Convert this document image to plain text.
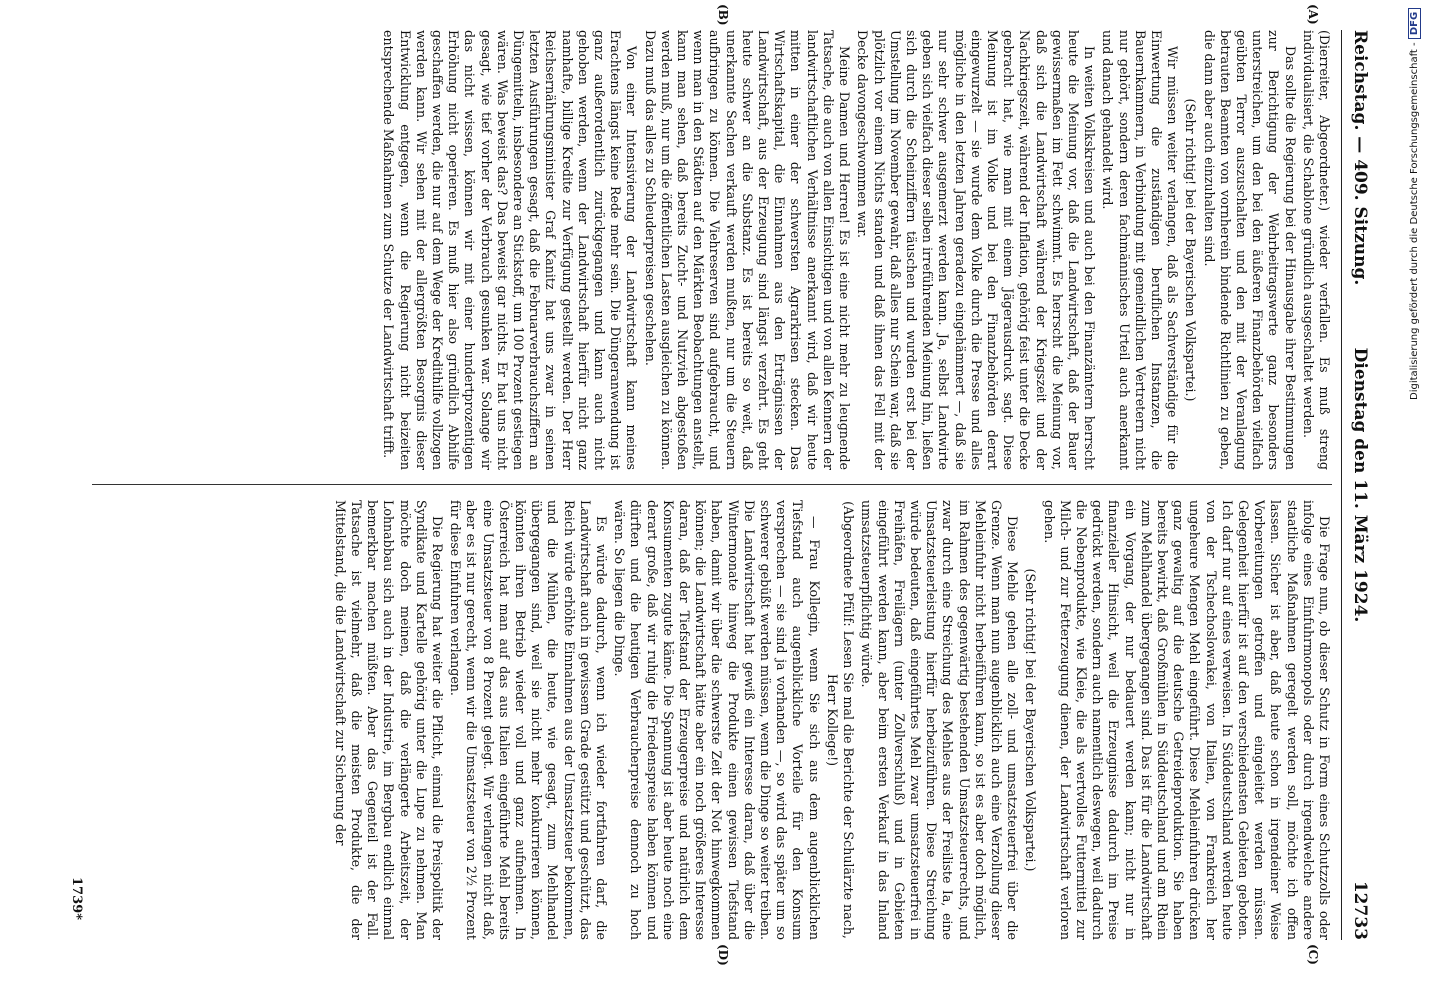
Reichstag. — 409. Sitzung.
Dienstag den 11. März 1924.
12733
(A)
(B)
(C)
(D)

(Dierreiter, Abgeordneter.) wieder verfallen. Es muß streng individualisiert, die Schablone gründlich ausgeschaltet werden.

Das sollte die Regierung bei der Hinausgabe ihrer Bestimmungen zur Berichtigung der Wehrbeitragswerte ganz besonders unterstreichen, um den bei den äußeren Finanzbehörden vielfach geübten Terror auszuschalten und den mit der Veranlagung betrauten Beamten von vornherein bindende Richtlinien zu geben, die dann aber auch einzuhalten sind.

(Sehr richtig! bei der Bayerischen Volkspartei.)

Wir müssen weiter verlangen, daß als Sachverständige für die Einwertung die zuständigen beruflichen Instanzen, die Bauernkammern, in Verbindung mit gemeindlichen Vertretern nicht nur gehört, sondern deren fachmännisches Urteil auch anerkannt und danach gehandelt wird.

In weiten Volkskreisen und auch bei den Finanzämtern herrscht heute die Meinung vor, daß die Landwirtschaft, daß der Bauer gewissermaßen im Fett schwimmt. Es herrscht die Meinung vor, daß sich die Landwirtschaft während der Kriegszeit und der Nachkriegszeit, während der Inflation, gehörig feist unter die Decke gebracht hat, wie man mit einem Jägerausdruck sagt. Diese Meinung ist im Volke und bei den Finanzbehörden derart eingewurzelt — sie wurde dem Volke durch die Presse und alles mögliche in den letzten Jahren geradezu eingehämmert —, daß sie nur sehr schwer ausgemerzt werden kann. Ja, selbst Landwirte geben sich vielfach dieser selben irreführenden Meinung hin, ließen sich durch die Scheinziffern täuschen und wurden erst bei der Umstellung im November gewahr, daß alles nur Schein war, daß sie plötzlich vor einem Nichts standen und daß ihnen das Fell mit der Decke davongeschwommen war.

Meine Damen und Herren! Es ist eine nicht mehr zu leugnende Tatsache, die auch von allen Einsichtigen und von allen Kennern der landwirtschaftlichen Verhältnisse anerkannt wird, daß wir heute mitten in einer der schwersten Agrarkrisen stecken. Das Wirtschaftskapital, die Einnahmen aus den Erträgnissen der Landwirtschaft, aus der Erzeugung sind längst verzehrt. Es geht heute schwer an die Substanz. Es ist bereits so weit, daß unerkannte Sachen verkauft werden mußten, nur um die Steuern aufbringen zu können. Die Viehreserven sind aufgebraucht, und wenn man in den Städten auf den Märkten Beobachtungen anstellt, kann man sehen, daß bereits Zucht- und Nutzvieh abgestoßen werden muß, nur um die öffentlichen Lasten ausgleichen zu können. Dazu muß das alles zu Schleuderpreisen geschehen.

Von einer Intensivierung der Landwirtschaft kann meines Erachtens längst keine Rede mehr sein. Die Düngeranwendung ist ganz außerordentlich zurückgegangen und kann auch nicht gehoben werden, wenn der Landwirtschaft hierfür nicht ganz namhafte, billige Kredite zur Verfügung gestellt werden. Der Herr Reichsernährungsminister Graf Kanitz hat uns zwar in seinen letzten Ausführungen gesagt, daß die Februarverbrauchsziffern an Düngemitteln, insbesondere an Stickstoff, um 100 Prozent gestiegen wären. Was beweist das? Das beweist gar nichts. Er hat uns nicht gesagt, wie tief vorher der Verbrauch gesunken war. Solange wir das nicht wissen, können wir mit einer hundertprozentigen Erhöhung nicht operieren. Es muß hier also gründlich Abhilfe geschaffen werden, die nur auf dem Wege der Kredithilfe vollzogen werden kann. Wir sehen mit der allergrößten Besorgnis dieser Entwicklung entgegen, wenn die Regierung nicht beizeiten entsprechende Maßnahmen zum Schutze der Landwirtschaft trifft.

Die Frage nun, ob dieser Schutz in Form eines Schutzzolls oder infolge eines Einfuhrmonopols oder durch irgendwelche andere staatliche Maßnahmen geregelt werden soll, möchte ich offen lassen. Sicher ist aber, daß heute schon in irgendeiner Weise Vorbereitungen getroffen und eingeleitet werden müssen. Gelegenheit hierfür ist auf den verschiedensten Gebieten geboten. Ich darf nur auf eines verweisen. In Süddeutschland werden heute von der Tschechoslowakei, von Italien, von Frankreich her ungeheure Mengen Mehl eingeführt. Diese Mehleinfuhren drücken ganz gewaltig auf die deutsche Getreideproduktion. Sie haben bereits bewirkt, daß Großmühlen in Süddeutschland und am Rhein zum Mehlhandel übergegangen sind. Das ist für die Landwirtschaft ein Vorgang, der nur bedauert werden kann; nicht nur in finanzieller Hinsicht, weil die Erzeugnisse dadurch im Preise gedrückt werden, sondern auch namentlich deswegen, weil dadurch die Nebenprodukte, wie Kleie, die als wertvolles Futtermittel zur Milch- und zur Fetterzeugung dienen, der Landwirtschaft verloren gehen.

(Sehr richtig! bei der Bayerischen Volkspartei.)

Diese Mehle gehen alle zoll- und umsatzsteuerfrei über die Grenze. Wenn man nun augenblicklich auch eine Verzollung dieser Mehleinfuhr nicht herbeiführen kann, so ist es aber doch möglich, im Rahmen des gegenwärtig bestehenden Umsatzsteuerrechts, und zwar durch eine Streichung des Mehles aus der Freiliste Ia, eine Umsatzsteuerleistung hierfür herbeizuführen. Diese Streichung würde bedeuten, daß eingeführtes Mehl zwar umsatzsteuerfrei in Freihäfen, Freilägern (unter Zollverschluß) und in Gebieten eingeführt werden kann, aber beim ersten Verkauf in das Inland umsatzsteuerpflichtig würde.

(Abgeordnete Pfülf: Lesen Sie mal die Berichte der Schulärzte nach, Herr Kollege!)

— Frau Kollegin, wenn Sie sich aus dem augenblicklichen Tiefstand auch augenblickliche Vorteile für den Konsum versprechen — sie sind ja vorhanden —, so wird das später um so schwerer gebüßt werden müssen, wenn die Dinge so weiter treiben. Die Landwirtschaft hat gewiß ein Interesse daran, daß über die Wintermonate hinweg die Produkte einen gewissen Tiefstand haben, damit wir über die schwerste Zeit der Not hinwegkommen können; die Landwirtschaft hätte aber ein noch größeres Interesse daran, daß der Tiefstand der Erzeugerpreise und natürlich dem Konsumenten zugute käme. Die Spannung ist aber heute noch eine derart große, daß wir ruhig die Friedenspreise haben können und dürften und die heutigen Verbraucherpreise dennoch zu hoch wären. So liegen die Dinge.

Es würde dadurch, wenn ich wieder fortfahren darf, die Landwirtschaft auch in gewissem Grade gestützt und geschützt, das Reich würde erhöhte Einnahmen aus der Umsatzsteuer bekommen, und die Mühlen, die heute, wie gesagt, zum Mehlhandel übergegangen sind, weil sie nicht mehr konkurrieren können, könnten ihren Betrieb wieder voll und ganz aufnehmen. In Österreich hat man auf das aus Italien eingeführte Mehl bereits eine Umsatzsteuer von 8 Prozent gelegt. Wir verlangen nicht daß, aber es ist nur gerecht, wenn wir die Umsatzsteuer von 2½ Prozent für diese Einfuhren verlangen.

Die Regierung hat weiter die Pflicht, einmal die Preispolitik der Syndikate und Kartelle gehörig unter die Lupe zu nehmen. Man möchte doch meinen, daß die verlängerte Arbeitszeit, der Lohnabbau sich auch in der Industrie, im Bergbau endlich einmal bemerkbar machen müßten. Aber das Gegenteil ist der Fall. Tatsache ist vielmehr, daß die meisten Produkte, die der Mittelstand, die die Landwirtschaft zur Sicherung der

1739*
Digitalisierung gefördert durch die Deutsche Forschungsgemeinschaft - DFG
